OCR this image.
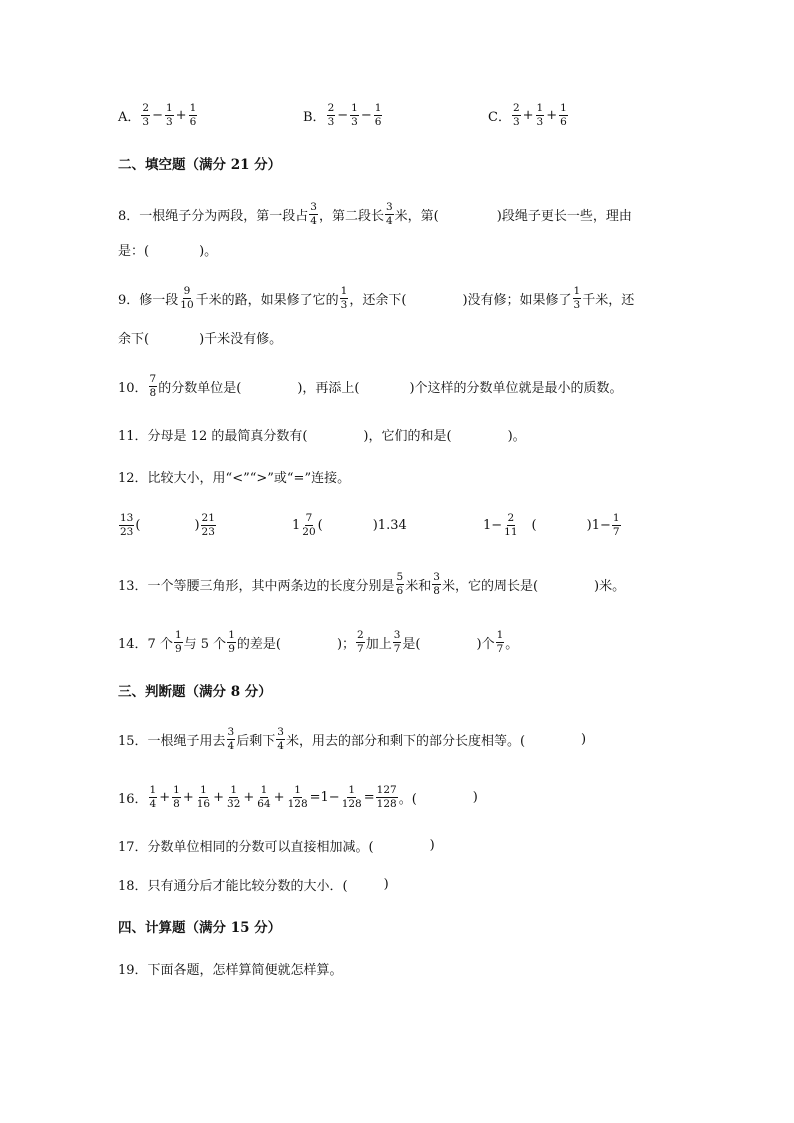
A．
2
$3 - \frac{1}{3} + \frac{1}{6}$	B．
2
$3 - \frac{1}{3} - \frac{1}{6}$	C．
2
$3 + \frac{1}{3} + \frac{1}{6}$
二、填空题（满分 21 分）
8．一根绳子分为两段，第一段占
3
4 ，第二段长
3
4 米，第(	)段绳子更长一些，理由
是：(	)。
9．修一段
9
10 千米的路，如果修了它的
1
3 ，还余下(	)没有修；如果修了
1
3 千米，还
余下(	)千米没有修。
10．
7
8 的分数单位是(	)，再添上(	)个这样的分数单位就是最小的质数。
11．分母是 12 的最简真分数有(	)，它们的和是(	)。
12．比较大小，用“<”“>”或“=”连接。
13
23 (	) 21
23	1 7
20 (	)1.34	$1- \frac{2}{11}$ (	)$1- \frac{1}{7}$
13．一个等腰三角形，其中两条边的长度分别是
5
6 米和
3
8 米，它的周长是(	)米。
14．7 个
1
9 与 5 个
1
9 的差是(	)；
2
7 加上
3
7 是(	)个
1
7 。
三、判断题（满分 8 分）
15．一根绳子用去
3
4 后剩下
3
4 米，用去的部分和剩下的部分长度相等。(	)
16．
1
$4 + \frac{1}{8} + \frac{1}{16} + \frac{1}{32} + \frac{1}{64} + \frac{1}{128} =1- \frac{1}{128} = \frac{127}{128}$ 。(	)
17．分数单位相同的分数可以直接相加减。(	)
18．只有通分后才能比较分数的大小．(	)
四、计算题（满分 15 分）
19．下面各题，怎样算简便就怎样算。
